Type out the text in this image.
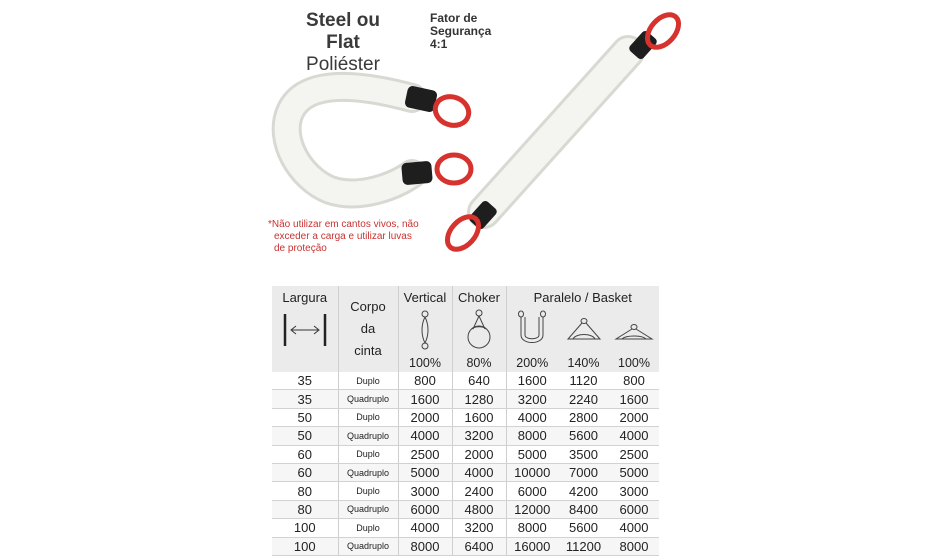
Steel ou Flat
Poliéster
Fator de
Segurança
4:1
*Não utilizar em cantos vivos, não
exceder a carga e utilizar luvas
de proteção
Largura	Corpo
da
cinta	Vertical	Choker	Paralelo / Basket		

		100%	80%	200%	140%	100%
35	Duplo	800	640	1600	1120	800
35	Quadruplo	1600	1280	3200	2240	1600
50	Duplo	2000	1600	4000	2800	2000
50	Quadruplo	4000	3200	8000	5600	4000
60	Duplo	2500	2000	5000	3500	2500
60	Quadruplo	5000	4000	10000	7000	5000
80	Duplo	3000	2400	6000	4200	3000
80	Quadruplo	6000	4800	12000	8400	6000
100	Duplo	4000	3200	8000	5600	4000
100	Quadruplo	8000	6400	16000	11200	8000
